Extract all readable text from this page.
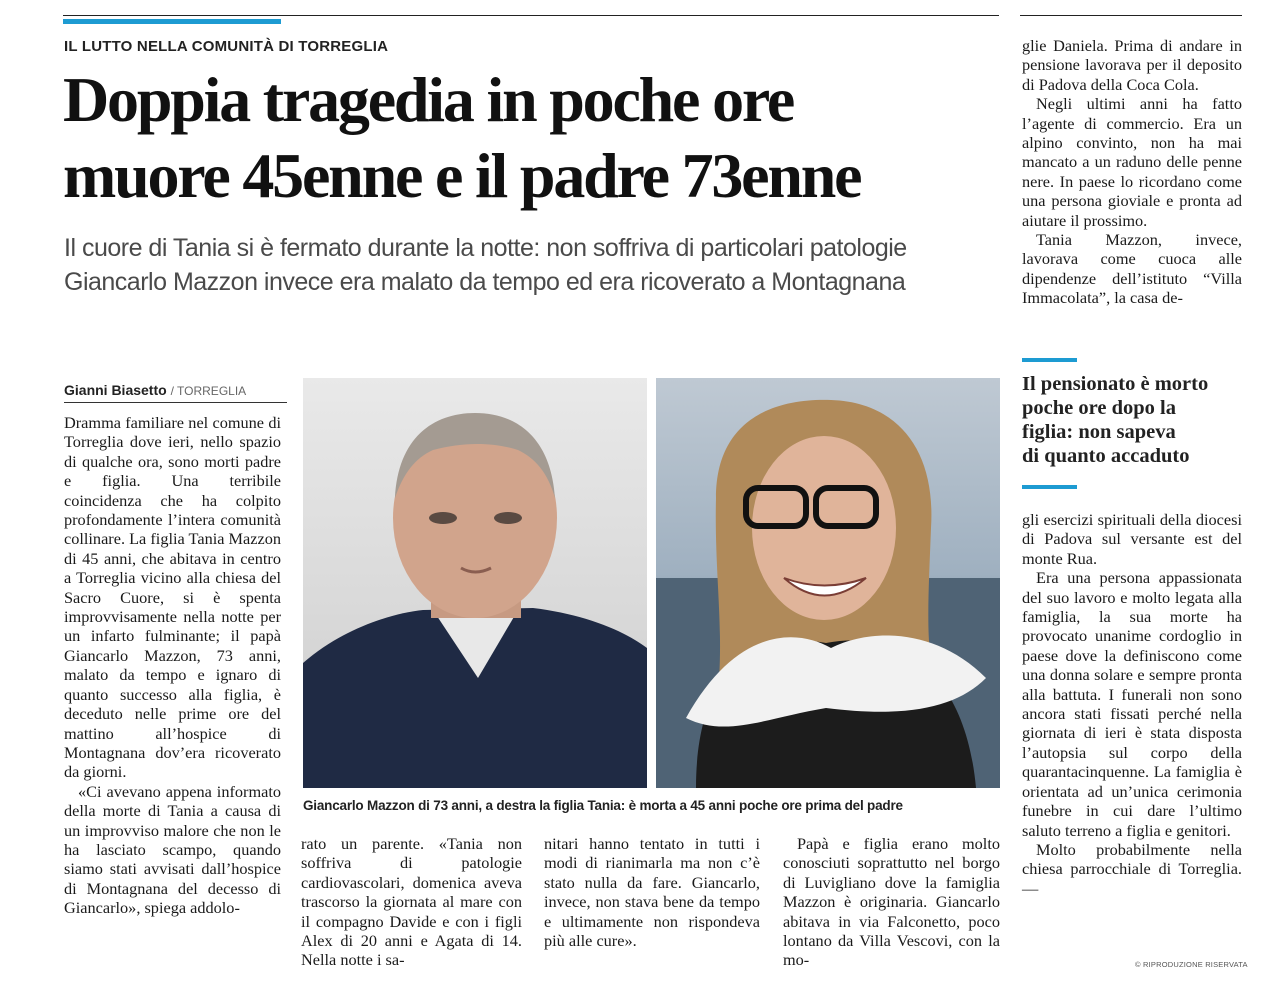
IL LUTTO NELLA COMUNITÀ DI TORREGLIA
Doppia tragedia in poche ore
muore 45enne e il padre 73enne
Il cuore di Tania si è fermato durante la notte: non soffriva di particolari patologie
Giancarlo Mazzon invece era malato da tempo ed era ricoverato a Montagnana
Gianni Biasetto / TORREGLIA

Dramma familiare nel comune di Torreglia dove ieri, nello spazio di qualche ora, sono morti padre e figlia. Una terribile coincidenza che ha colpito profondamente l’intera comunità collinare. La figlia Tania Mazzon di 45 anni, che abitava in centro a Torreglia vicino alla chiesa del Sacro Cuore, si è spenta improvvisamente nella notte per un infarto fulminante; il papà Giancarlo Mazzon, 73 anni, malato da tempo e ignaro di quanto successo alla figlia, è deceduto nelle prime ore del mattino all’hospice di Montagnana dov’era ricoverato da giorni.

«Ci avevano appena informato della morte di Tania a causa di un improvviso malore che non le ha lasciato scampo, quando siamo stati avvisati dall’hospice di Montagnana del decesso di Giancarlo», spiega addolo-

Giancarlo Mazzon di 73 anni, a destra la figlia Tania: è morta a 45 anni poche ore prima del padre

rato un parente. «Tania non soffriva di patologie cardiovascolari, domenica aveva trascorso la giornata al mare con il compagno Davide e con i figli Alex di 20 anni e Agata di 14. Nella notte i sa-

nitari hanno tentato in tutti i modi di rianimarla ma non c’è stato nulla da fare. Giancarlo, invece, non stava bene da tempo e ultimamente non rispondeva più alle cure».

Papà e figlia erano molto conosciuti soprattutto nel borgo di Luvigliano dove la famiglia Mazzon è originaria. Giancarlo abitava in via Falconetto, poco lontano da Villa Vescovi, con la mo-

glie Daniela. Prima di andare in pensione lavorava per il deposito di Padova della Coca Cola.

Negli ultimi anni ha fatto l’agente di commercio. Era un alpino convinto, non ha mai mancato a un raduno delle penne nere. In paese lo ricordano come una persona gioviale e pronta ad aiutare il prossimo.

Tania Mazzon, invece, lavorava come cuoca alle dipendenze dell’istituto “Villa Immacolata”, la casa de-

Il pensionato è morto
poche ore dopo la
figlia: non sapeva
di quanto accaduto

gli esercizi spirituali della diocesi di Padova sul versante est del monte Rua.

Era una persona appassionata del suo lavoro e molto legata alla famiglia, la sua morte ha provocato unanime cordoglio in paese dove la definiscono come una donna solare e sempre pronta alla battuta. I funerali non sono ancora stati fissati perché nella giornata di ieri è stata disposta l’autopsia sul corpo della quarantacinquenne. La famiglia è orientata ad un’unica cerimonia funebre in cui dare l’ultimo saluto terreno a figlia e genitori.

Molto probabilmente nella chiesa parrocchiale di Torreglia. —

© RIPRODUZIONE RISERVATA
